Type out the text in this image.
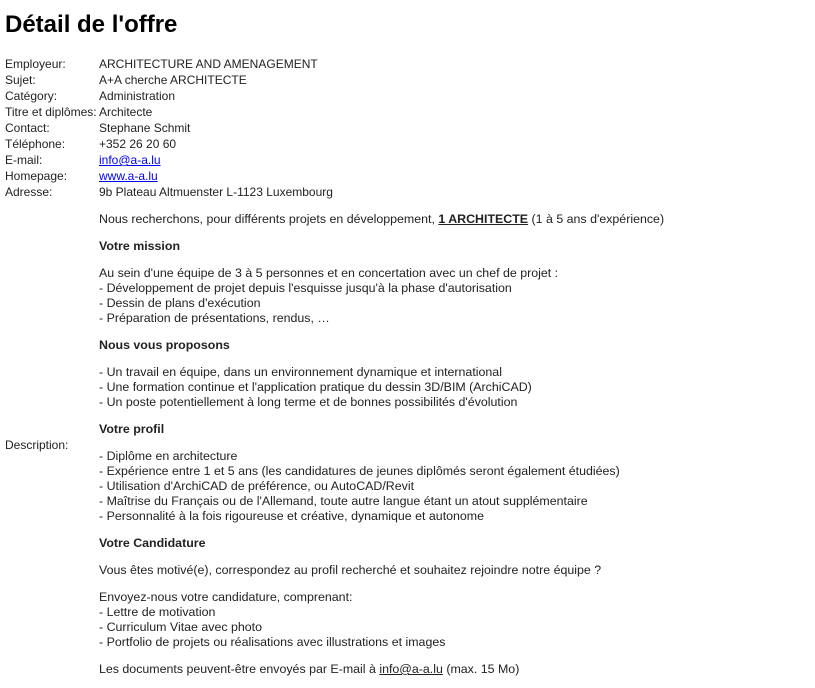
Détail de l'offre
Employeur:	ARCHITECTURE AND AMENAGEMENT
Sujet:	A+A cherche ARCHITECTE
Catégory:	Administration
Titre et diplômes: Architecte
Contact:	Stephane Schmit
Téléphone:	+352 26 20 60
E-mail:	info@a-a.lu
Homepage:	www.a-a.lu
Adresse:	9b Plateau Altmuenster L-1123 Luxembourg
Description:

Nous recherchons, pour différents projets en développement, 1 ARCHITECTE (1 à 5 ans d'expérience)

Votre mission

Au sein d'une équipe de 3 à 5 personnes et en concertation avec un chef de projet :

- Développement de projet depuis l'esquisse jusqu'à la phase d'autorisation

- Dessin de plans d'exécution

- Préparation de présentations, rendus, …

Nous vous proposons

- Un travail en équipe, dans un environnement dynamique et international

- Une formation continue et l'application pratique du dessin 3D/BIM (ArchiCAD)

- Un poste potentiellement à long terme et de bonnes possibilités d'évolution

Votre profil

- Diplôme en architecture

- Expérience entre 1 et 5 ans (les candidatures de jeunes diplômés seront également étudiées)

- Utilisation d'ArchiCAD de préférence, ou AutoCAD/Revit

- Maîtrise du Français ou de l'Allemand, toute autre langue étant un atout supplémentaire

- Personnalité à la fois rigoureuse et créative, dynamique et autonome

Votre Candidature

Vous êtes motivé(e), correspondez au profil recherché et souhaitez rejoindre notre équipe ?

Envoyez-nous votre candidature, comprenant:

- Lettre de motivation

- Curriculum Vitae avec photo

- Portfolio de projets ou réalisations avec illustrations et images

Les documents peuvent-être envoyés par E-mail à info@a-a.lu (max. 15 Mo)
